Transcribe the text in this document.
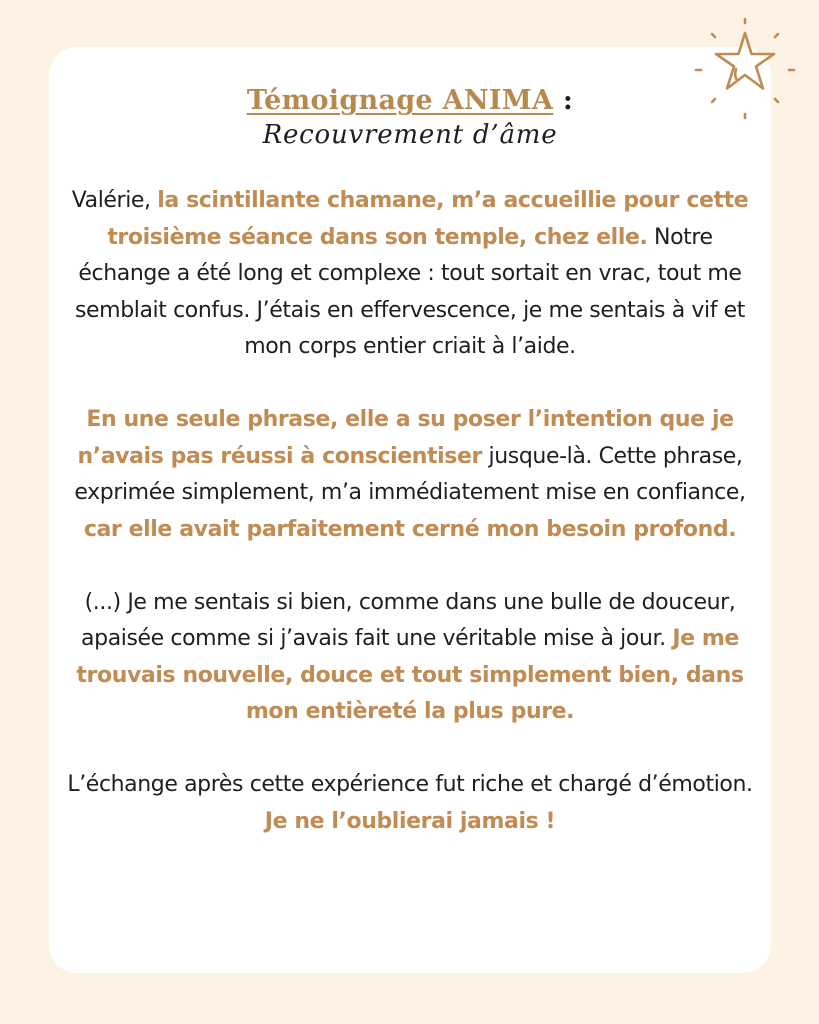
Témoignage ANIMA :
Recouvrement d’âme

Valérie, la scintillante chamane, m’a accueillie pour cette troisième séance dans son temple, chez elle. Notre échange a été long et complexe : tout sortait en vrac, tout me semblait confus. J’étais en effervescence, je me sentais à vif et mon corps entier criait à l’aide.

En une seule phrase, elle a su poser l’intention que je n’avais pas réussi à conscientiser jusque-là. Cette phrase, exprimée simplement, m’a immédiatement mise en confiance, car elle avait parfaitement cerné mon besoin profond.

(...) Je me sentais si bien, comme dans une bulle de douceur, apaisée comme si j’avais fait une véritable mise à jour. Je me trouvais nouvelle, douce et tout simplement bien, dans mon entièreté la plus pure.

L’échange après cette expérience fut riche et chargé d’émotion. Je ne l’oublierai jamais !
